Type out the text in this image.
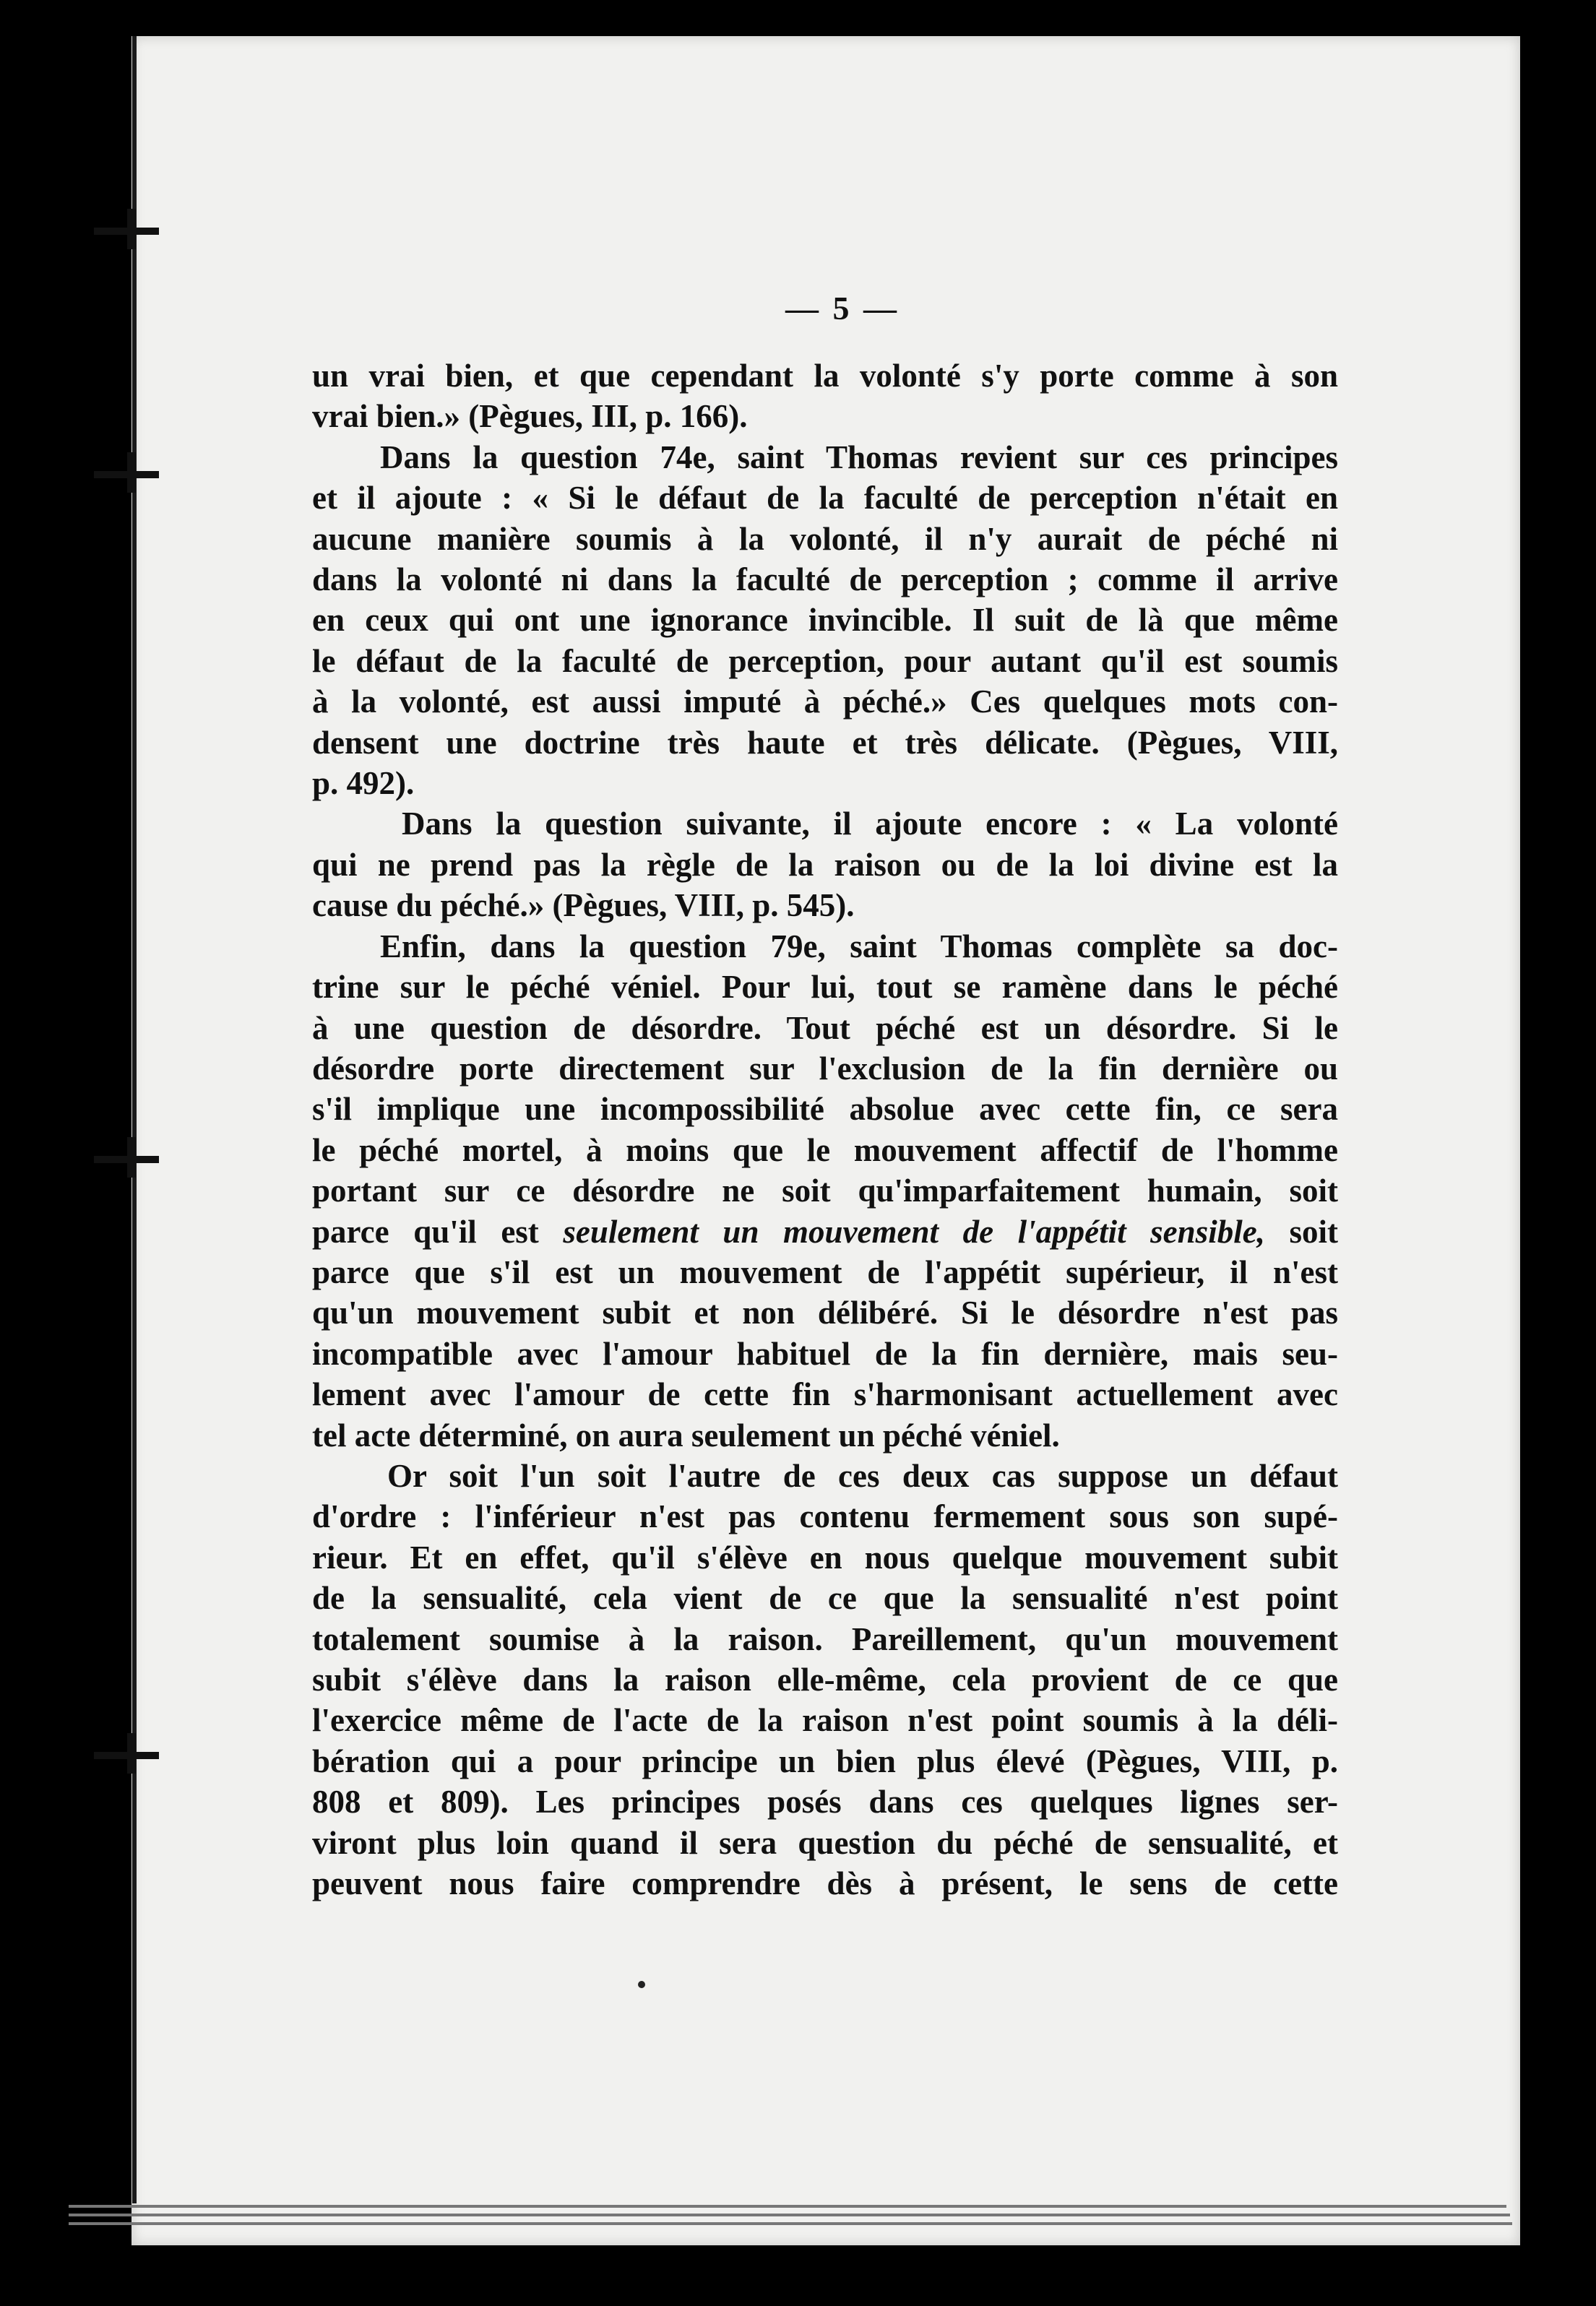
— 5 —

un vrai bien, et que cependant la volonté s'y porte comme à son
vrai bien.» (Pègues, III, p. 166).

Dans la question 74e, saint Thomas revient sur ces principes
et il ajoute : « Si le défaut de la faculté de perception n'était en
aucune manière soumis à la volonté, il n'y aurait de péché ni
dans la volonté ni dans la faculté de perception ; comme il arrive
en ceux qui ont une ignorance invincible. Il suit de là que même
le défaut de la faculté de perception, pour autant qu'il est soumis
à la volonté, est aussi imputé à péché.» Ces quelques mots con-
densent une doctrine très haute et très délicate. (Pègues, VIII,
p. 492).

Dans la question suivante, il ajoute encore : « La volonté
qui ne prend pas la règle de la raison ou de la loi divine est la
cause du péché.» (Pègues, VIII, p. 545).

Enfin, dans la question 79e, saint Thomas complète sa doc-
trine sur le péché véniel. Pour lui, tout se ramène dans le péché
à une question de désordre. Tout péché est un désordre. Si le
désordre porte directement sur l'exclusion de la fin dernière ou
s'il implique une incompossibilité absolue avec cette fin, ce sera
le péché mortel, à moins que le mouvement affectif de l'homme
portant sur ce désordre ne soit qu'imparfaitement humain, soit
parce qu'il est seulement un mouvement de l'appétit sensible, soit
parce que s'il est un mouvement de l'appétit supérieur, il n'est
qu'un mouvement subit et non délibéré. Si le désordre n'est pas
incompatible avec l'amour habituel de la fin dernière, mais seu-
lement avec l'amour de cette fin s'harmonisant actuellement avec
tel acte déterminé, on aura seulement un péché véniel.

Or soit l'un soit l'autre de ces deux cas suppose un défaut
d'ordre : l'inférieur n'est pas contenu fermement sous son supé-
rieur. Et en effet, qu'il s'élève en nous quelque mouvement subit
de la sensualité, cela vient de ce que la sensualité n'est point
totalement soumise à la raison. Pareillement, qu'un mouvement
subit s'élève dans la raison elle-même, cela provient de ce que
l'exercice même de l'acte de la raison n'est point soumis à la déli-
bération qui a pour principe un bien plus élevé (Pègues, VIII, p.
808 et 809). Les principes posés dans ces quelques lignes ser-
viront plus loin quand il sera question du péché de sensualité, et
peuvent nous faire comprendre dès à présent, le sens de cette
